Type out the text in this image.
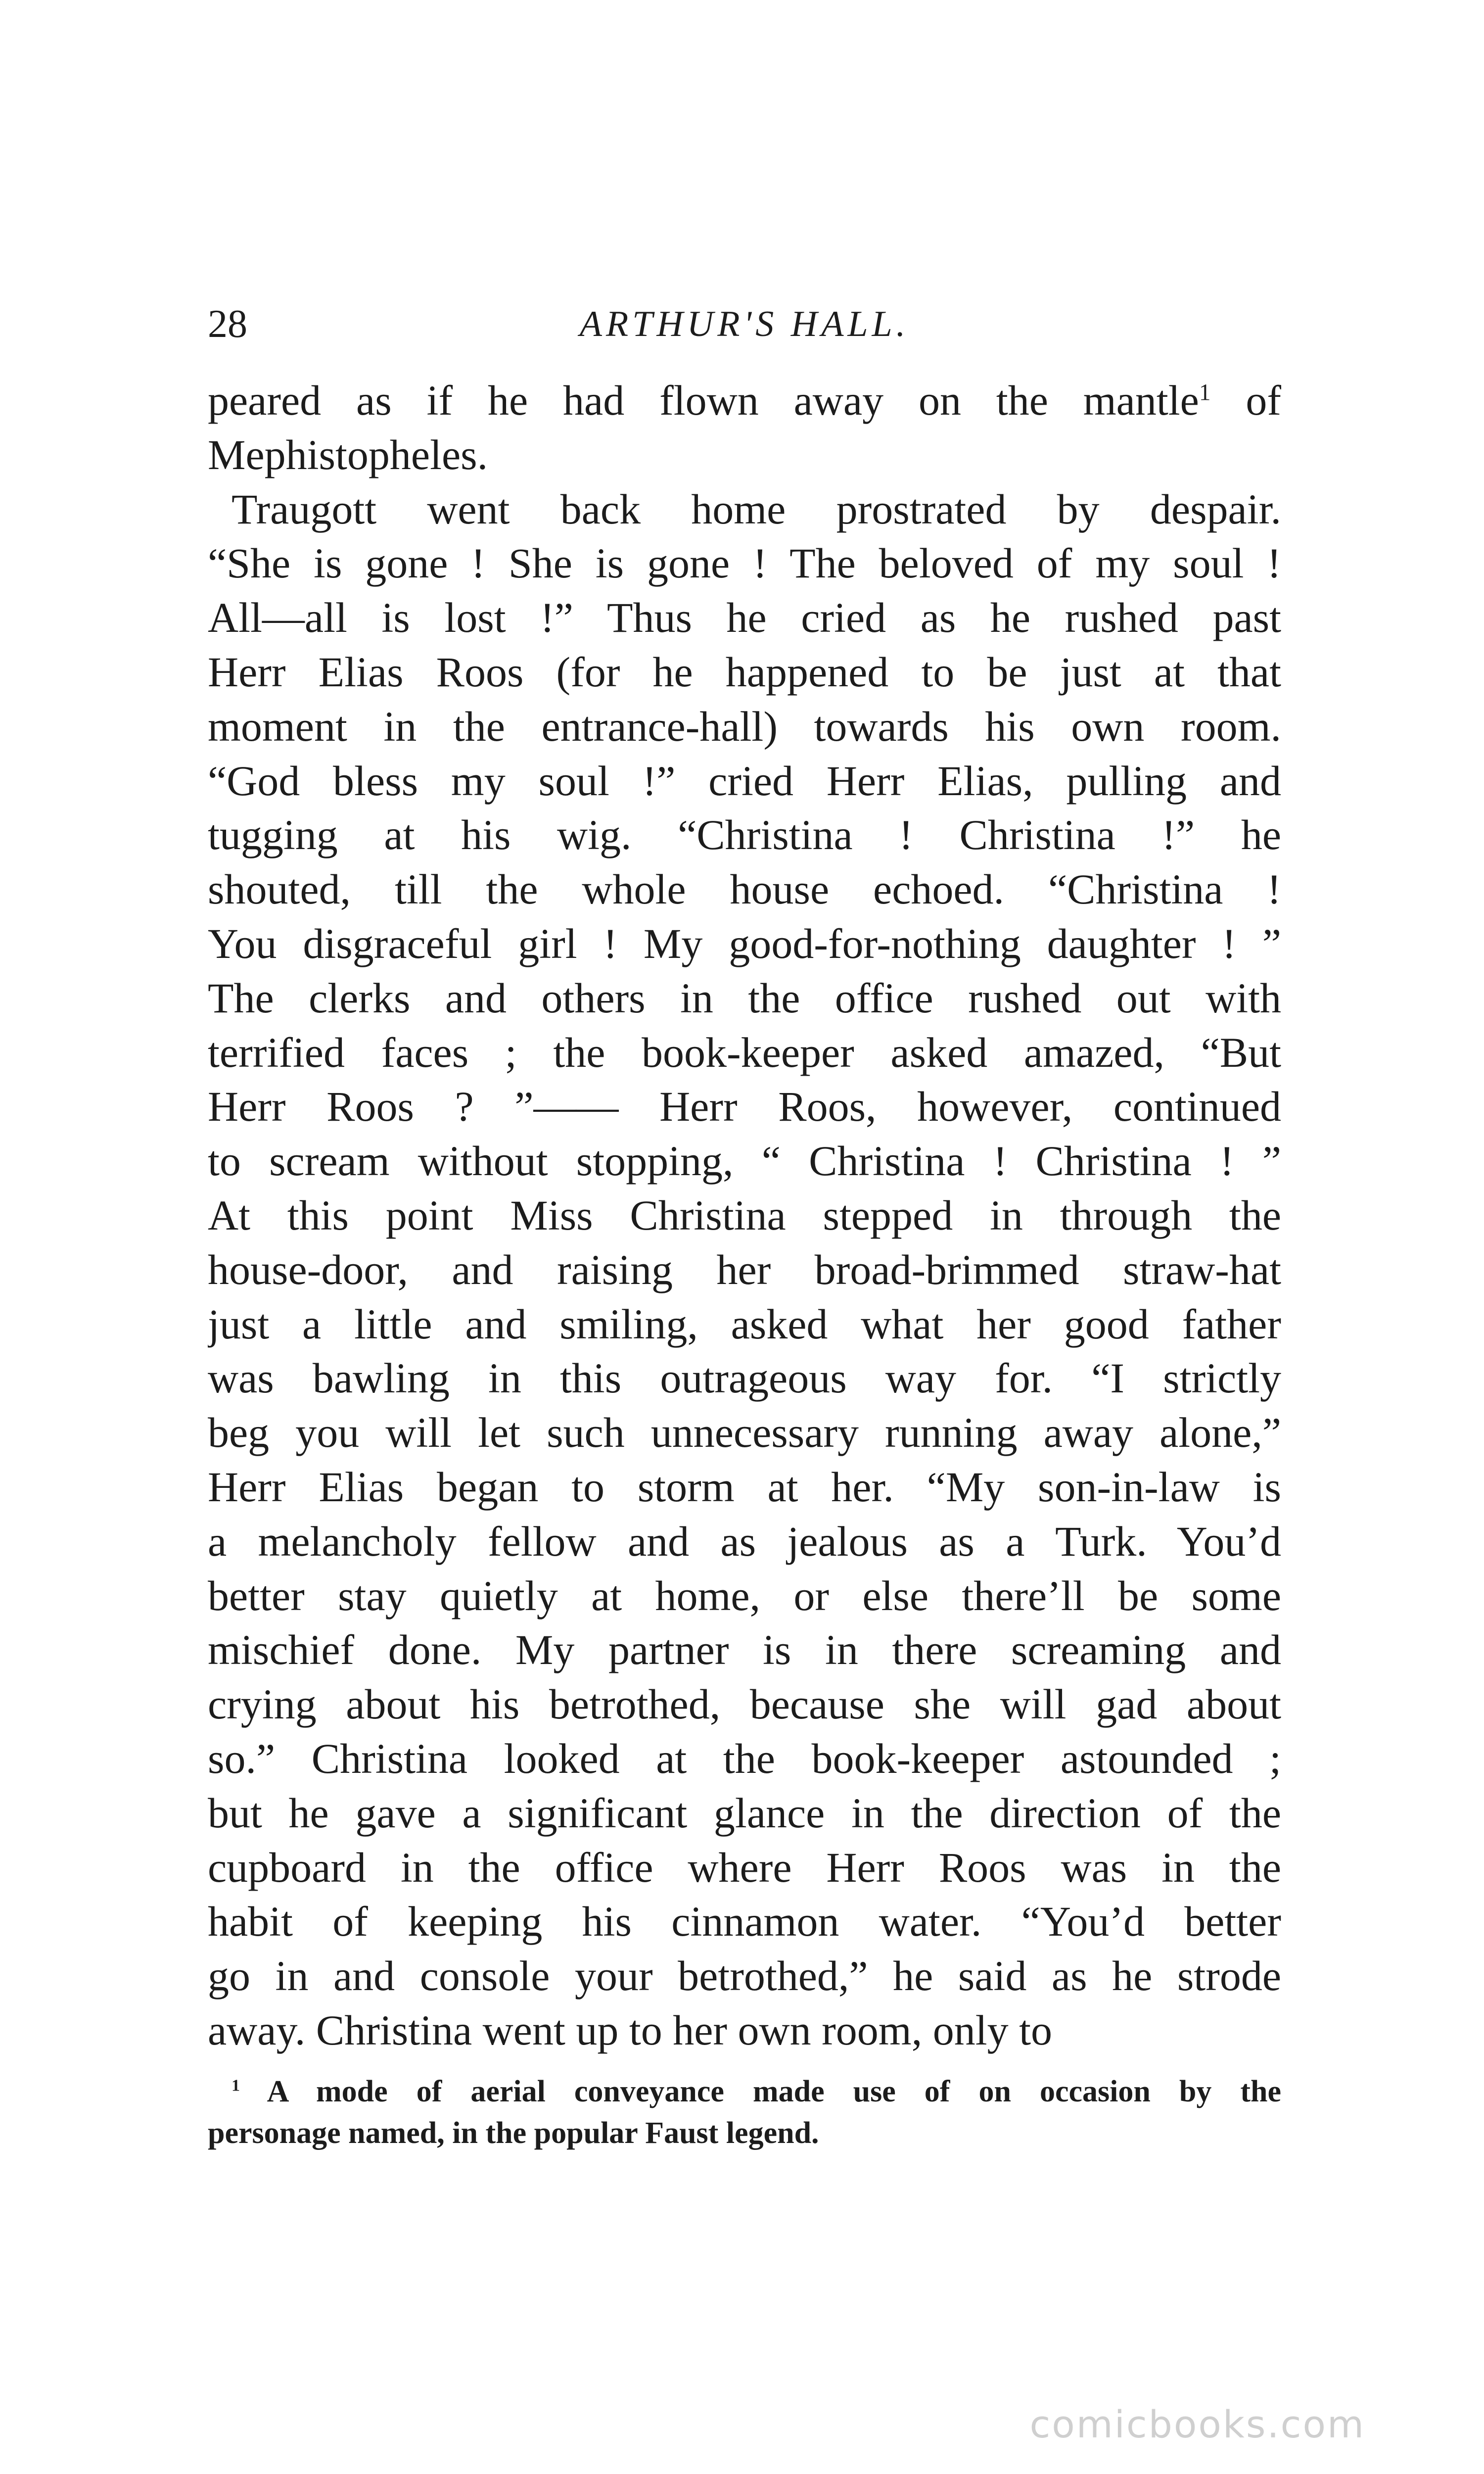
28	ARTHUR'S HALL.
peared as if he had flown away on the mantle$^1$ of
Mephistopheles.
Traugott went back home prostrated by despair.
“She is gone ! She is gone ! The beloved of my soul !
All—all is lost !” Thus he cried as he rushed past
Herr Elias Roos (for he happened to be just at that
moment in the entrance-hall) towards his own room.
“God bless my soul !” cried Herr Elias, pulling and
tugging at his wig. “Christina ! Christina !” he
shouted, till the whole house echoed. “Christina !
You disgraceful girl ! My good-for-nothing daughter ! ”
The clerks and others in the office rushed out with
terrified faces ; the book-keeper asked amazed, “But
Herr Roos ? ”—— Herr Roos, however, continued
to scream without stopping, “ Christina ! Christina ! ”
At this point Miss Christina stepped in through the
house-door, and raising her broad-brimmed straw-hat
just a little and smiling, asked what her good father
was bawling in this outrageous way for. “I strictly
beg you will let such unnecessary running away alone,”
Herr Elias began to storm at her. “My son-in-law is
a melancholy fellow and as jealous as a Turk. You’d
better stay quietly at home, or else there’ll be some
mischief done. My partner is in there screaming and
crying about his betrothed, because she will gad about
so.” Christina looked at the book-keeper astounded ;
but he gave a significant glance in the direction of the
cupboard in the office where Herr Roos was in the
habit of keeping his cinnamon water. “You’d better
go in and console your betrothed,” he said as he strode
away. Christina went up to her own room, only to
$^1$ A mode of aerial conveyance made use of on occasion by the
personage named, in the popular Faust legend.
comicbooks.com
